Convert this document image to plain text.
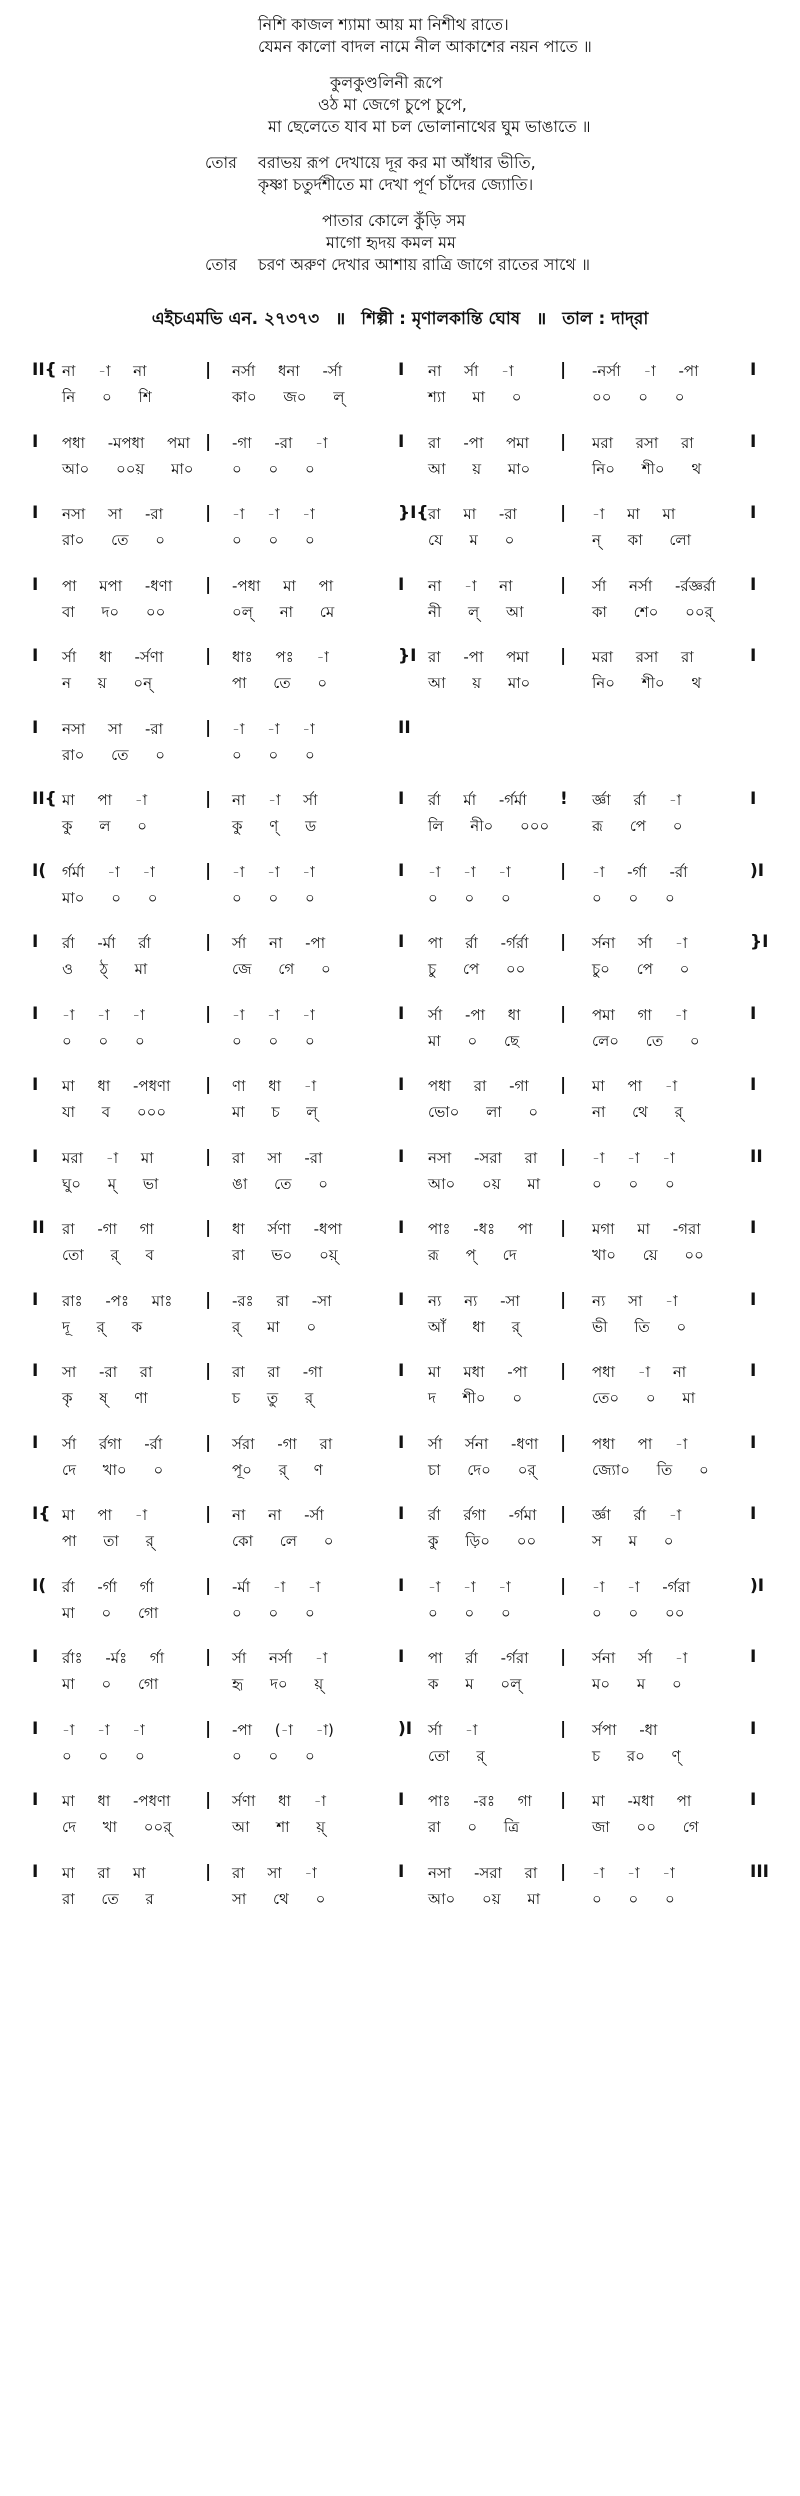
নিশি কাজল শ্যামা আয় মা নিশীথ রাতে।
যেমন কালো বাদল নামে নীল আকাশের নয়ন পাতে ॥
কুলকুণ্ডলিনী রূপে
ওঠ মা জেগে চুপে চুপে,
মা ছেলেতে যাব মা চল ভোলানাথের ঘুম ভাঙাতে ॥
তোর বরাভয় রূপ দেখায়ে দূর কর মা আঁধার ভীতি,
কৃষ্ণা চতুর্দশীতে মা দেখা পূর্ণ চাঁদের জ্যোতি।
পাতার কোলে কুঁড়ি সম
মাগো হৃদয় কমল মম
তোর চরণ অরুণ দেখার আশায় রাত্রি জাগে রাতের সাথে ॥
এইচএমভি এন. ২৭৩৭৩ ॥ শিল্পী : মৃণালকান্তি ঘোষ ॥ তাল : দাদ্‌রা
II{	|	I	|	I
না -া না	নর্সা ধনা -র্সা	না র্সা -া	-নর্সা -া -পা
নি ০ শি	কা০ জ০ ল্	শ্যা মা ০	০০ ০ ০
I	|	I	|	I
পধা -মপধা পমা	-গা -রা -া	রা -পা পমা	মরা রসা রা
আ০ ০০য় মা০	০ ০ ০	আ য় মা০	নি০ শী০ থ
I	|	}I{	|	I
নসা সা -রা	-া -া -া	রা মা -রা	-া মা মা
রা০ তে ০	০ ০ ০	যে ম ০	ন্ কা লো
I	|	I	|	I
পা মপা -ধণা	-পধা মা পা	না -া না	র্সা নর্সা -র্রজ্ঞর্রা
বা দ০ ০০	০ল্ না মে	নী ল্ আ	কা শে০ ০০র্
I	|	}I	|	I
র্সা ধা -র্সণা	ধাঃ পঃ -া	রা -পা পমা	মরা রসা রা
ন য় ০ন্	পা তে ০	আ য় মা০	নি০ শী০ থ
I	|	II
নসা সা -রা	-া -া -া
রা০ তে ০	০ ০ ০
II{	|	I	!	I
মা পা -া	না -া র্সা	র্রা র্মা -র্গর্মা	র্জ্ঞা র্রা -া
কু ল ০	কু ণ্ ড	লি নী০ ০০০	রূ পে ০
I(	|	I	|	)I
র্গর্মা -া -া	-া -া -া	-া -া -া	-া -র্গা -র্রা
মা০ ০ ০	০ ০ ০	০ ০ ০	০ ০ ০
I	|	I	|	}I
র্রা -র্মা র্রা	র্সা না -পা	পা র্রা -র্গর্রা	র্সনা র্সা -া
ও ঠ্ মা	জে গে ০	চু পে ০০	চু০ পে ০
I	|	I	|	I
-া -া -া	-া -া -া	র্সা -পা ধা	পমা গা -া
০ ০ ০	০ ০ ০	মা ০ ছে	লে০ তে ০
I	|	I	|	I
মা ধা -পধণা	ণা ধা -া	পধা রা -গা	মা পা -া
যা ব ০০০	মা চ ল্	ভো০ লা ০	না থে র্
I	|	I	|	II
মরা -া মা	রা সা -রা	নসা -সরা রা	-া -া -া
ঘু০ ম্ ভা	ঙা তে ০	আ০ ০য় মা	০ ০ ০
II	|	I	|	I
রা -গা গা	ধা র্সণা -ধপা	পাঃ -ধঃ পা	মগা মা -গরা
তো র্ ব	রা ভ০ ০য়্	রূ প্ দে	খা০ য়ে ০০
I	|	I	|	I
রাঃ -পঃ মাঃ	-রঃ রা -সা	ন্য ন্য -সা	ন্য সা -া
দূ র্ ক	র্ মা ০	আঁ ধা র্	ভী তি ০
I	|	I	|	I
সা -রা রা	রা রা -গা	মা মধা -পা	পধা -া না
কৃ ষ্ ণা	চ তু র্	দ শী০ ০	তে০ ০ মা
I	|	I	|	I
র্সা র্রগা -র্রা	র্সরা -গা রা	র্সা র্সনা -ধণা	পধা পা -া
দে খা০ ০	পূ০ র্ ণ	চা দে০ ০র্	জ্যো০ তি ০
I{	|	I	|	I
মা পা -া	না না -র্সা	র্রা র্রগা -র্গমা	র্জ্ঞা র্রা -া
পা তা র্	কো লে ০	কু ড়ি০ ০০	স ম ০
I(	|	I	|	)I
র্রা -র্গা র্গা	-র্মা -া -া	-া -া -া	-া -া -র্গরা
মা ০ গো	০ ০ ০	০ ০ ০	০ ০ ০০
I	|	I	|	I
র্রাঃ -র্মঃ র্গা	র্সা নর্সা -া	পা র্রা -র্গরা	র্সনা র্সা -া
মা ০ গো	হৃ দ০ য়্	ক ম ০ল্	ম০ ম ০
I	|	)I	|	I
-া -া -া	-পা (-া -া)	র্সা -া	র্সপা -ধা
০ ০ ০	০ ০ ০	তো র্	চ র০ ণ্
I	|	I	|	I
মা ধা -পধণা	র্সণা ধা -া	পাঃ -রঃ গা	মা -মধা পা
দে খা ০০র্	আ শা য়্	রা ০ ত্রি	জা ০০ গে
I	|	I	|	III
মা রা মা	রা সা -া	নসা -সরা রা	-া -া -া
রা তে র	সা থে ০	আ০ ০য় মা	০ ০ ০
